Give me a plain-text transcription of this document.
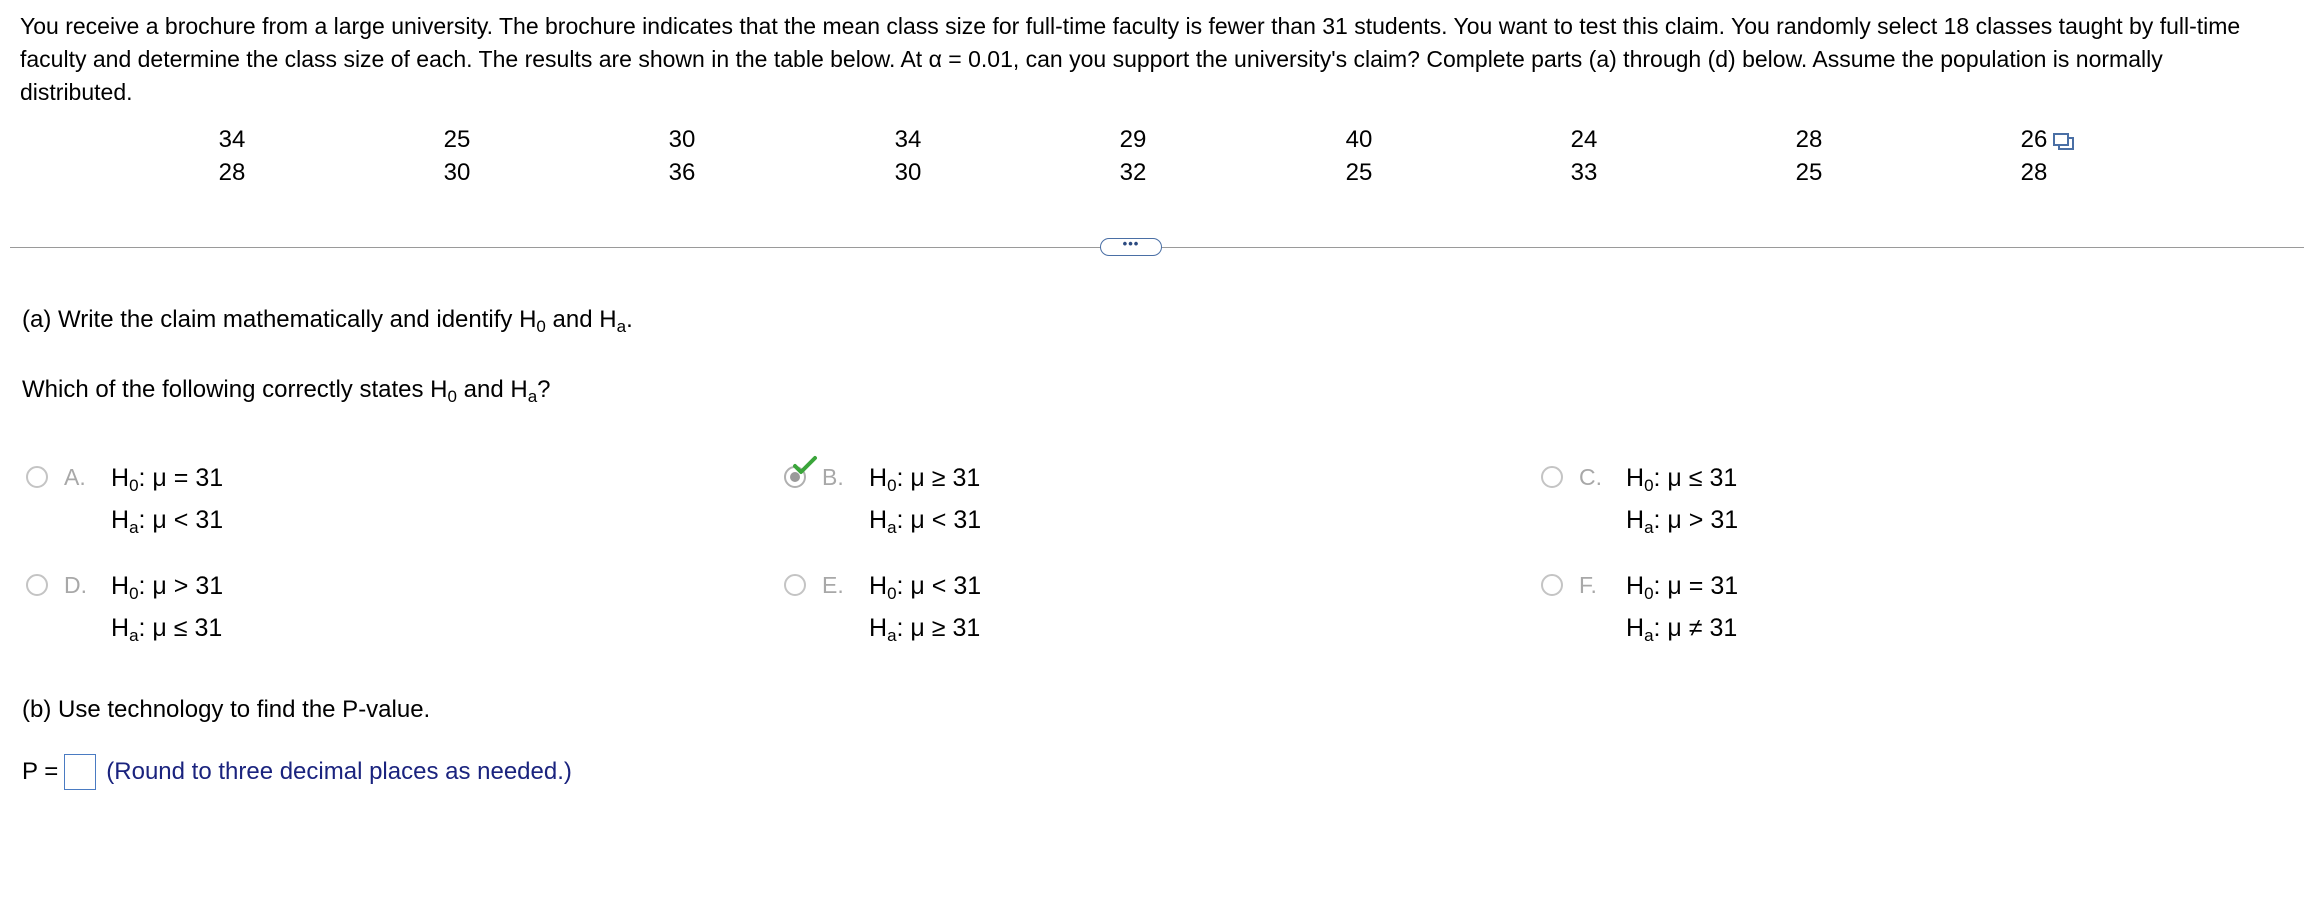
You receive a brochure from a large university. The brochure indicates that the mean class size for full-time faculty is fewer than 31 students. You want to test this claim. You randomly select 18 classes taught by full-time faculty and determine the class size of each. The results are shown in the table below. At α = 0.01, can you support the university's claim? Complete parts (a) through (d) below. Assume the population is normally distributed.
34	25	30	34	29	40	24	28	26
28	30	36	30	32	25	33	25	28
•••
(a) Write the claim mathematically and identify $H_0$ and $H_a$.
Which of the following correctly states $H_0$ and $H_a$?
A. $H_0$: μ = 31
$H_a$: μ < 31
B. $H_0$: μ ≥ 31
$H_a$: μ < 31
C. $H_0$: μ ≤ 31
$H_a$: μ > 31
D. $H_0$: μ > 31
$H_a$: μ ≤ 31
E. $H_0$: μ < 31
$H_a$: μ ≥ 31
F. $H_0$: μ = 31
$H_a$: μ ≠ 31
(b) Use technology to find the P-value.
P = (Round to three decimal places as needed.)
